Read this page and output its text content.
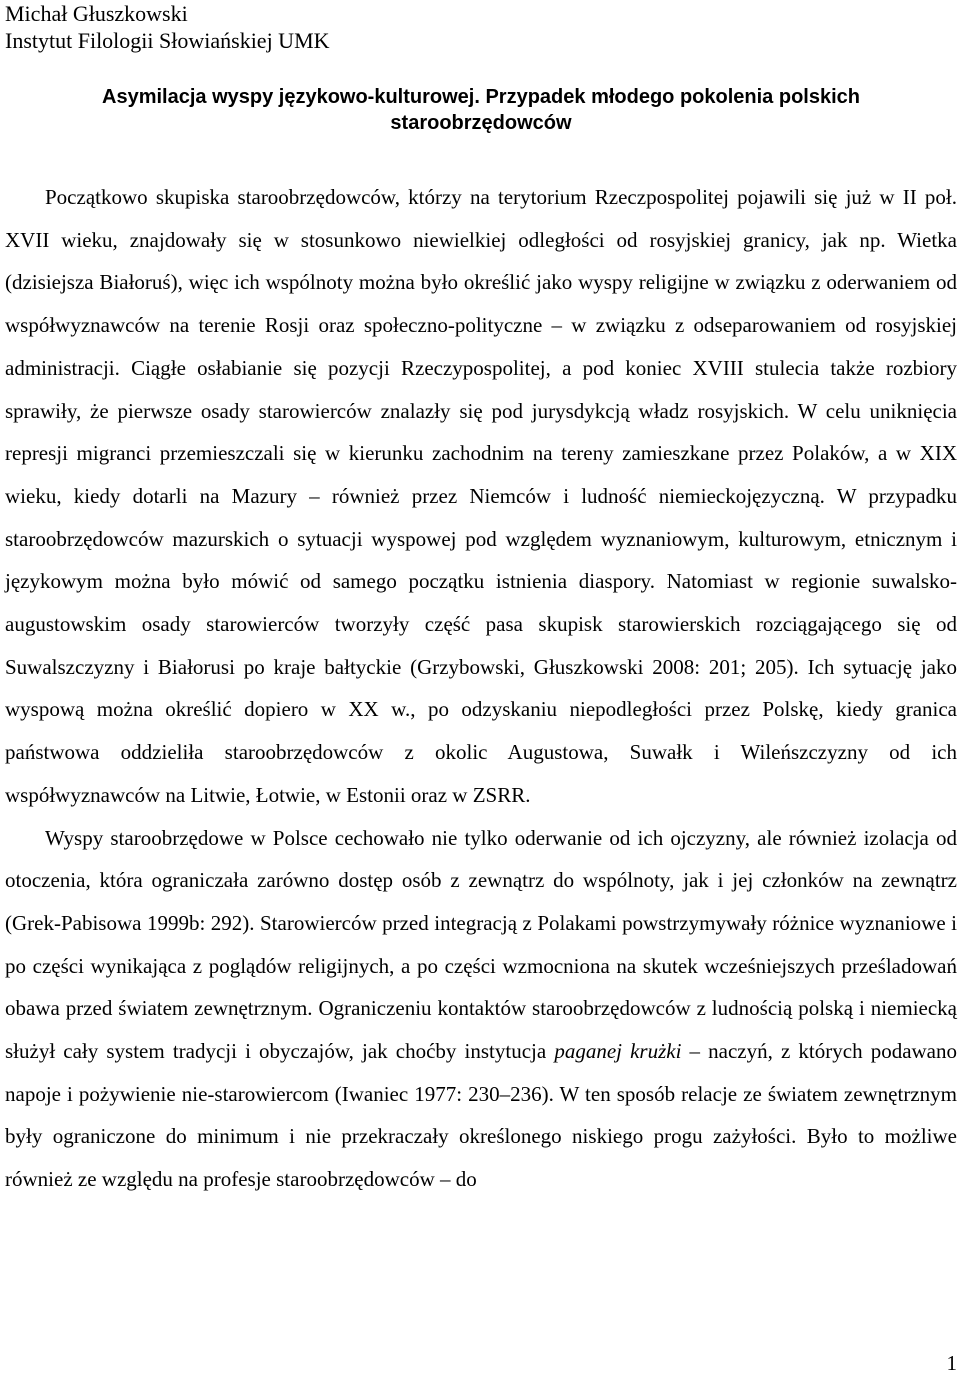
Michał Głuszkowski
Instytut Filologii Słowiańskiej UMK
Asymilacja wyspy językowo-kulturowej. Przypadek młodego pokolenia polskich staroobrzędowców

Początkowo skupiska staroobrzędowców, którzy na terytorium Rzeczpospolitej pojawili się już w II poł. XVII wieku, znajdowały się w stosunkowo niewielkiej odległości od rosyjskiej granicy, jak np. Wietka (dzisiejsza Białoruś), więc ich wspólnoty można było określić jako wyspy religijne w związku z oderwaniem od współwyznawców na terenie Rosji oraz społeczno-polityczne – w związku z odseparowaniem od rosyjskiej administracji. Ciągłe osłabianie się pozycji Rzeczypospolitej, a pod koniec XVIII stulecia także rozbiory sprawiły, że pierwsze osady starowierców znalazły się pod jurysdykcją władz rosyjskich. W celu uniknięcia represji migranci przemieszczali się w kierunku zachodnim na tereny zamieszkane przez Polaków, a w XIX wieku, kiedy dotarli na Mazury – również przez Niemców i ludność niemieckojęzyczną. W przypadku staroobrzędowców mazurskich o sytuacji wyspowej pod względem wyznaniowym, kulturowym, etnicznym i językowym można było mówić od samego początku istnienia diaspory. Natomiast w regionie suwalsko-augustowskim osady starowierców tworzyły część pasa skupisk starowierskich rozciągającego się od Suwalszczyzny i Białorusi po kraje bałtyckie (Grzybowski, Głuszkowski 2008: 201; 205). Ich sytuację jako wyspową można określić dopiero w XX w., po odzyskaniu niepodległości przez Polskę, kiedy granica państwowa oddzieliła staroobrzędowców z okolic Augustowa, Suwałk i Wileńszczyzny od ich współwyznawców na Litwie, Łotwie, w Estonii oraz w ZSRR.

Wyspy staroobrzędowe w Polsce cechowało nie tylko oderwanie od ich ojczyzny, ale również izolacja od otoczenia, która ograniczała zarówno dostęp osób z zewnątrz do wspólnoty, jak i jej członków na zewnątrz (Grek-Pabisowa 1999b: 292). Starowierców przed integracją z Polakami powstrzymywały różnice wyznaniowe i po części wynikająca z poglądów religijnych, a po części wzmocniona na skutek wcześniejszych prześladowań obawa przed światem zewnętrznym. Ograniczeniu kontaktów staroobrzędowców z ludnością polską i niemiecką służył cały system tradycji i obyczajów, jak choćby instytucja paganej krużki – naczyń, z których podawano napoje i pożywienie nie-starowiercom (Iwaniec 1977: 230–236). W ten sposób relacje ze światem zewnętrznym były ograniczone do minimum i nie przekraczały określonego niskiego progu zażyłości. Było to możliwe również ze względu na profesje staroobrzędowców – do

1
